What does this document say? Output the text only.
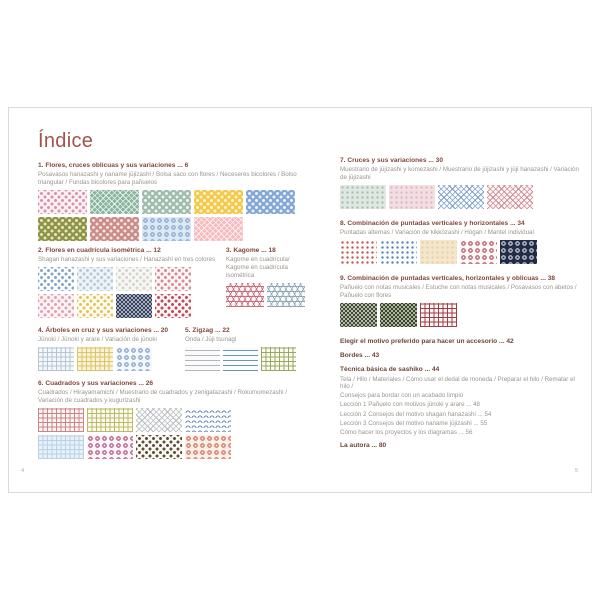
Índice
1. Flores, cruces oblicuas y sus variaciones ... 6
Posavasos hanazashi y naname jūjizashi / Bolsa saco con flores / Neceseres bicolores / Bolso triangular / Fundas bicolores para pañuelos
2. Flores en cuadrícula isométrica ... 12
Shagan hanazashi y sus variaciones / Hanazashi en tres colores
3. Kagome ... 18
Kagome en cuadrícula/ Kagome en cuadrícula isométrica
4. Árboles en cruz y sus variaciones ... 20
Jūnoki / Jūnoki y arare / Variación de jūnoki
5. Zigzag ... 22
Onda / Jūji tsunagi
6. Cuadrados y sus variaciones ... 26
Cuadrados / Hirayamamichi / Muestrario de cuadrados y zenigatazashi / Rokumomezashi / Variación de cuadrados y kugurizashi
7. Cruces y sus variaciones ... 30
Muestrario de jūjizashi y komezashi / Muestrario de jūjizashi y jūji hanazashi / Variación de jūjizashi
8. Combinación de puntadas verticales y horizontales ... 34
Puntadas alternas / Variación de kikkōzashi / Hōgan / Mantel individual
9. Combinación de puntadas verticales, horizontales y oblicuas ... 38
Pañuelo con notas musicales / Estuche con notas musicales / Posavasos con abetos / Pañuelo con flores
Elegir el motivo preferido para hacer un accesorio ... 42
Bordes ... 43
Técnica básica de sashiko ... 44
Tela / Hilo / Materiales / Cómo usar el dedal de moneda / Preparar el hilo / Rematar el hilo /
Consejos para bordar con un acabado limpio
Lección 1 Pañuelo con motivos jūnoki y arare ... 48
Lección 2 Consejos del motivo shagan hanazashi ... 54
Lección 3 Consejos del motivo naname jūjizashi ... 55
Cómo hacer los proyectos y los diagramas ... 56
La autora ... 80
4	5
